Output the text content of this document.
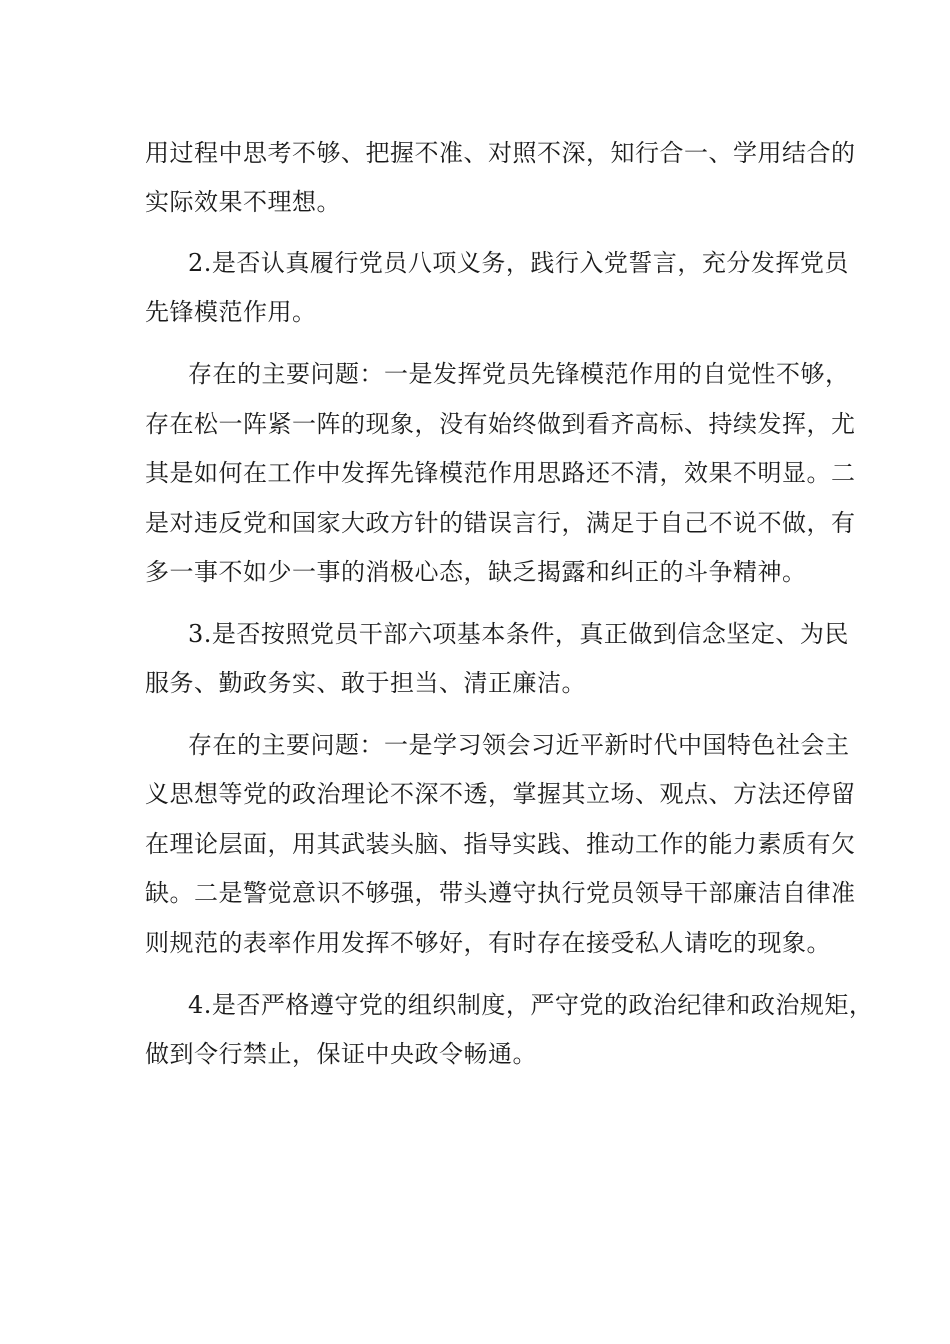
用过程中思考不够、把握不准、对照不深，知行合一、学用结合的

实际效果不理想。

2.是否认真履行党员八项义务，践行入党誓言，充分发挥党员

先锋模范作用。

存在的主要问题：一是发挥党员先锋模范作用的自觉性不够，

存在松一阵紧一阵的现象，没有始终做到看齐高标、持续发挥，尤

其是如何在工作中发挥先锋模范作用思路还不清，效果不明显。二

是对违反党和国家大政方针的错误言行，满足于自己不说不做，有

多一事不如少一事的消极心态，缺乏揭露和纠正的斗争精神。

3.是否按照党员干部六项基本条件，真正做到信念坚定、为民

服务、勤政务实、敢于担当、清正廉洁。

存在的主要问题：一是学习领会习近平新时代中国特色社会主

义思想等党的政治理论不深不透，掌握其立场、观点、方法还停留

在理论层面，用其武装头脑、指导实践、推动工作的能力素质有欠

缺。二是警觉意识不够强，带头遵守执行党员领导干部廉洁自律准

则规范的表率作用发挥不够好，有时存在接受私人请吃的现象。

4.是否严格遵守党的组织制度，严守党的政治纪律和政治规矩，

做到令行禁止，保证中央政令畅通。
